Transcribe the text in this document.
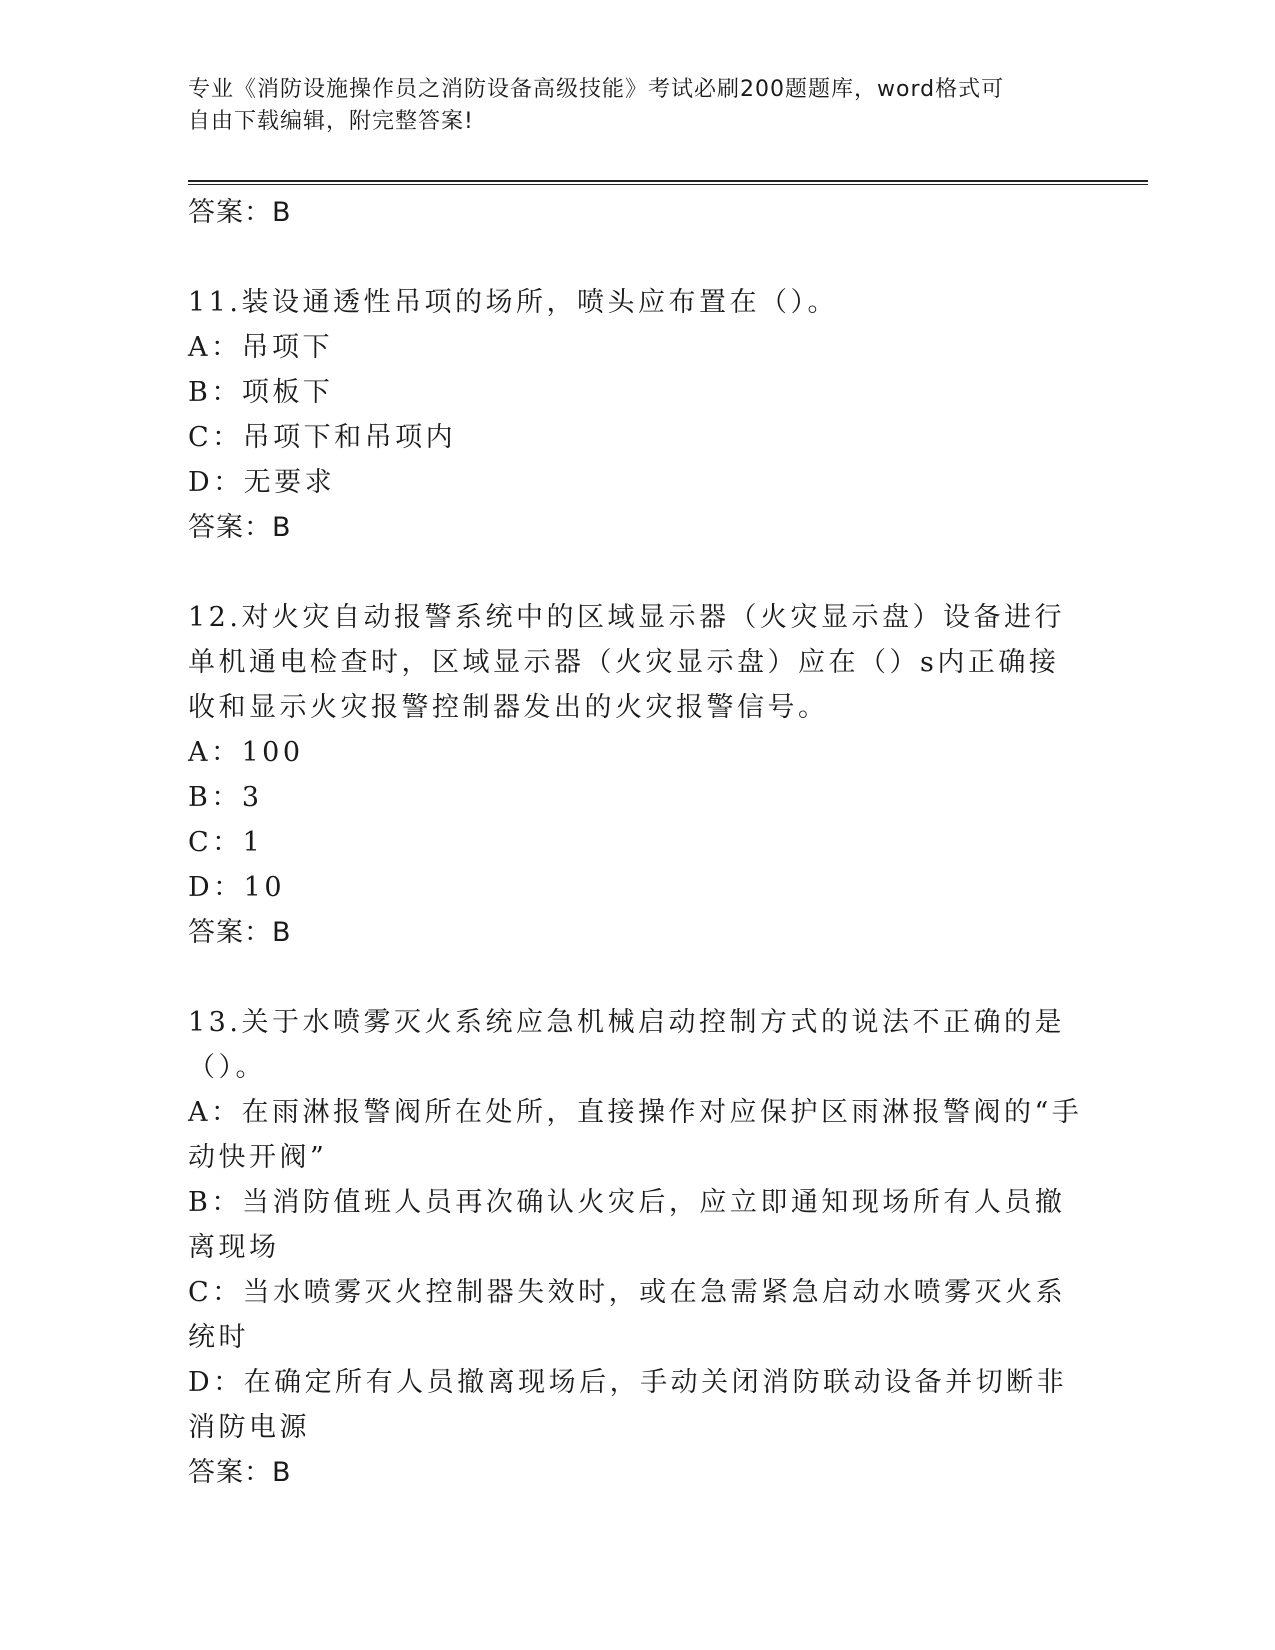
专业《消防设施操作员之消防设备高级技能》考试必刷200题题库，word格式可
自由下载编辑，附完整答案!

答案：B

11.装设通透性吊项的场所，喷头应布置在（）。

A：吊项下

B：项板下

C：吊项下和吊项内

D：无要求

答案：B

12.对火灾自动报警系统中的区域显示器（火灾显示盘）设备进行单机通电检查时，区域显示器（火灾显示盘）应在（）s内正确接收和显示火灾报警控制器发出的火灾报警信号。

A：100

B：3

C：1

D：10

答案：B

13.关于水喷雾灭火系统应急机械启动控制方式的说法不正确的是（）。

A：在雨淋报警阀所在处所，直接操作对应保护区雨淋报警阀的“手动快开阀”

B：当消防值班人员再次确认火灾后，应立即通知现场所有人员撤离现场

C：当水喷雾灭火控制器失效时，或在急需紧急启动水喷雾灭火系统时

D：在确定所有人员撤离现场后，手动关闭消防联动设备并切断非消防电源

答案：B
